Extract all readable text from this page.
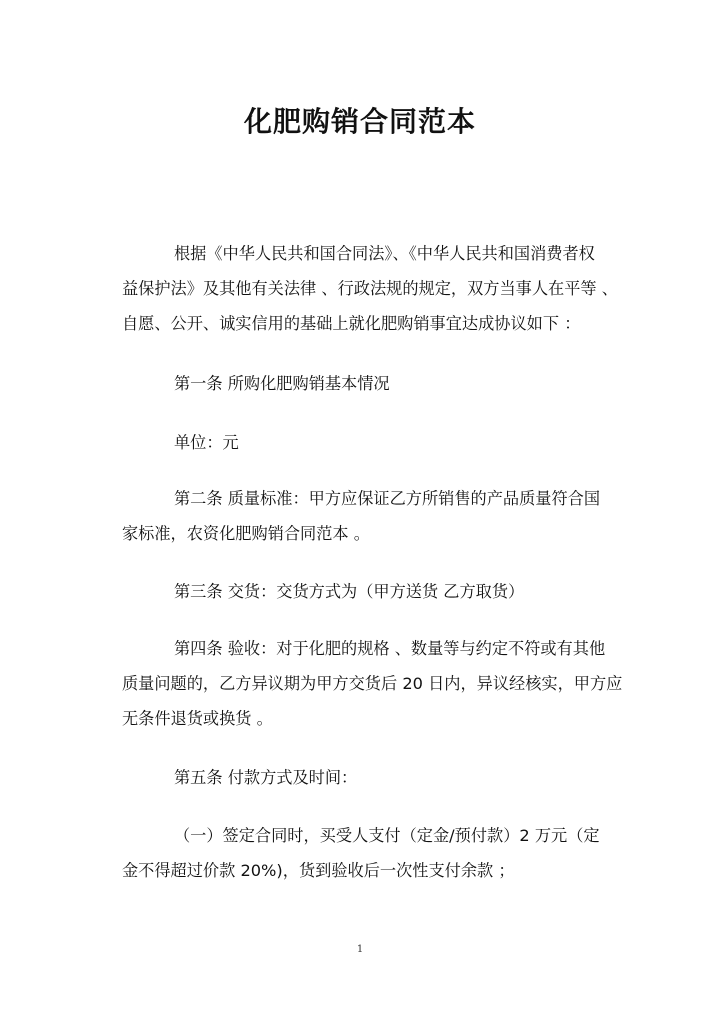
化肥购销合同范本

根据《中华人民共和国合同法》、《中华人民共和国消费者权
益保护法》及其他有关法律 、行政法规的规定，双方当事人在平等 、
自愿、公开、诚实信用的基础上就化肥购销事宜达成协议如下 ：

第一条 所购化肥购销基本情况

单位：元

第二条 质量标准：甲方应保证乙方所销售的产品质量符合国
家标准，农资化肥购销合同范本 。

第三条 交货：交货方式为（甲方送货 乙方取货）

第四条 验收：对于化肥的规格 、数量等与约定不符或有其他
质量问题的，乙方异议期为甲方交货后 20 日内，异议经核实，甲方应
无条件退货或换货 。

第五条 付款方式及时间：

（一）签定合同时，买受人支付（定金/预付款）2 万元（定
金不得超过价款 20%)，货到验收后一次性支付余款 ；

1
